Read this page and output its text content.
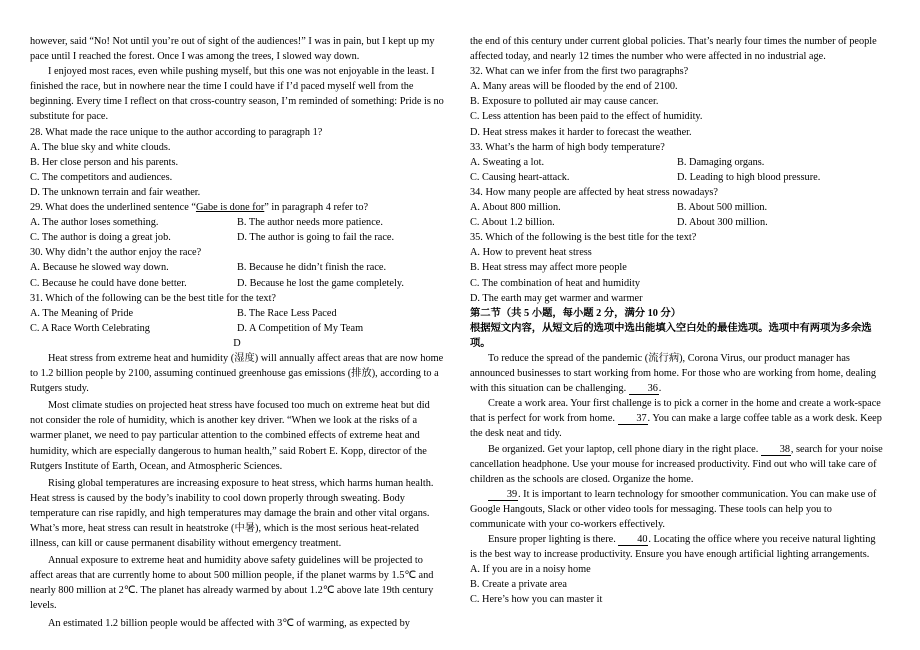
however, said “No! Not until you’re out of sight of the audiences!” I was in pain, but I kept up my pace until I reached the forest. Once I was among the trees, I slowed way down.

I enjoyed most races, even while pushing myself, but this one was not enjoyable in the least. I finished the race, but in nowhere near the time I could have if I’d paced myself well from the beginning. Every time I reflect on that cross-country season, I’m reminded of something: Pride is no substitute for pace.

28. What made the race unique to the author according to paragraph 1?

A. The blue sky and white clouds.

B. Her close person and his parents.

C. The competitors and audiences.

D. The unknown terrain and fair weather.

29. What does the underlined sentence “Gabe is done for” in paragraph 4 refer to?

A. The author loses something.	B. The author needs more patience.
C. The author is doing a great job.	D. The author is going to fail the race.

30. Why didn’t the author enjoy the race?

A. Because he slowed way down.	B. Because he didn’t finish the race.
C. Because he could have done better.	D. Because he lost the game completely.

31. Which of the following can be the best title for the text?

A. The Meaning of Pride	B. The Race Less Paced
C. A Race Worth Celebrating	D. A Competition of My Team

D

Heat stress from extreme heat and humidity (湿度) will annually affect areas that are now home to 1.2 billion people by 2100, assuming continued greenhouse gas emissions (排放), according to a Rutgers study.

Most climate studies on projected heat stress have focused too much on extreme heat but did not consider the role of humidity, which is another key driver. “When we look at the risks of a warmer planet, we need to pay particular attention to the combined effects of extreme heat and humidity, which are especially dangerous to human health,” said Robert E. Kopp, director of the Rutgers Institute of Earth, Ocean, and Atmospheric Sciences.

Rising global temperatures are increasing exposure to heat stress, which harms human health. Heat stress is caused by the body’s inability to cool down properly through sweating. Body temperature can rise rapidly, and high temperatures may damage the brain and other vital organs. What’s more, heat stress can result in heatstroke (中暑), which is the most serious heat-related illness, can kill or cause permanent disability without emergency treatment.

Annual exposure to extreme heat and humidity above safety guidelines will be projected to affect areas that are currently home to about 500 million people, if the planet warms by 1.5℃ and nearly 800 million at 2℃. The planet has already warmed by about 1.2℃ above late 19th century levels.

An estimated 1.2 billion people would be affected with 3℃ of warming, as expected by

the end of this century under current global policies. That’s nearly four times the number of people affected today, and nearly 12 times the number who were affected in no industrial age.

32. What can we infer from the first two paragraphs?

A. Many areas will be flooded by the end of 2100.

B. Exposure to polluted air may cause cancer.

C. Less attention has been paid to the effect of humidity.

D. Heat stress makes it harder to forecast the weather.

33. What’s the harm of high body temperature?

A. Sweating a lot.	B. Damaging organs.
C. Causing heart-attack.	D. Leading to high blood pressure.

34. How many people are affected by heat stress nowadays?

A. About 800 million.	B. About 500 million.
C. About 1.2 billion.	D. About 300 million.

35. Which of the following is the best title for the text?

A. How to prevent heat stress

B. Heat stress may affect more people

C. The combination of heat and humidity

D. The earth may get warmer and warmer

第二节（共 5 小题，每小题 2 分，满分 10 分）

根据短文内容，从短文后的选项中选出能填入空白处的最佳选项。选项中有两项为多余选项。

To reduce the spread of the pandemic (流行病), Corona Virus, our product manager has announced businesses to start working from home. For those who are working from home, dealing with this situation can be challenging. 36.

Create a work area. Your first challenge is to pick a corner in the home and create a work-space that is perfect for work from home. 37. You can make a large coffee table as a work desk. Keep the desk neat and tidy.

Be organized. Get your laptop, cell phone diary in the right place. 38, search for your noise cancellation headphone. Use your mouse for increased productivity. Find out who will take care of children as the schools are closed. Organize the home.

39. It is important to learn technology for smoother communication. You can make use of Google Hangouts, Slack or other video tools for messaging. These tools can help you to communicate with your co-workers effectively.

Ensure proper lighting is there. 40. Locating the office where you receive natural lighting is the best way to increase productivity. Ensure you have enough artificial lighting arrangements.

A. If you are in a noisy home

B. Create a private area

C. Here’s how you can master it
